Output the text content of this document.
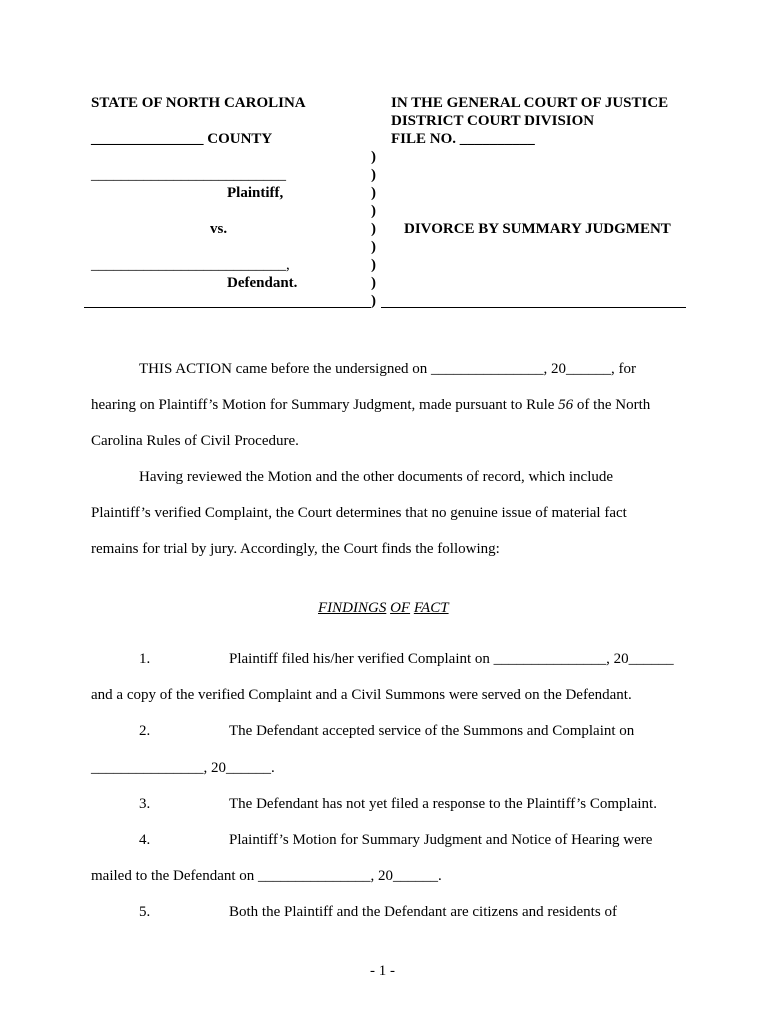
STATE OF NORTH CAROLINA
_______________ COUNTY
IN THE GENERAL COURT OF JUSTICE
DISTRICT COURT DIVISION
FILE NO. __________
__________________________
Plaintiff,
vs.
__________________________,
Defendant.
DIVORCE BY SUMMARY JUDGMENT
)
)
)
)
)
)
)
)
)
THIS ACTION came before the undersigned on _______________, 20______, for
hearing on Plaintiff’s Motion for Summary Judgment, made pursuant to Rule 56 of the North
Carolina Rules of Civil Procedure.
Having reviewed the Motion and the other documents of record, which include
Plaintiff’s verified Complaint, the Court determines that no genuine issue of material fact
remains for trial by jury. Accordingly, the Court finds the following:
FINDINGS OF FACT
1.	Plaintiff filed his/her verified Complaint on _______________, 20______
and a copy of the verified Complaint and a Civil Summons were served on the Defendant.
2.	The Defendant accepted service of the Summons and Complaint on
_______________, 20______.
3.	The Defendant has not yet filed a response to the Plaintiff’s Complaint.
4.	Plaintiff’s Motion for Summary Judgment and Notice of Hearing were
mailed to the Defendant on _______________, 20______.
5.	Both the Plaintiff and the Defendant are citizens and residents of
- 1 -
